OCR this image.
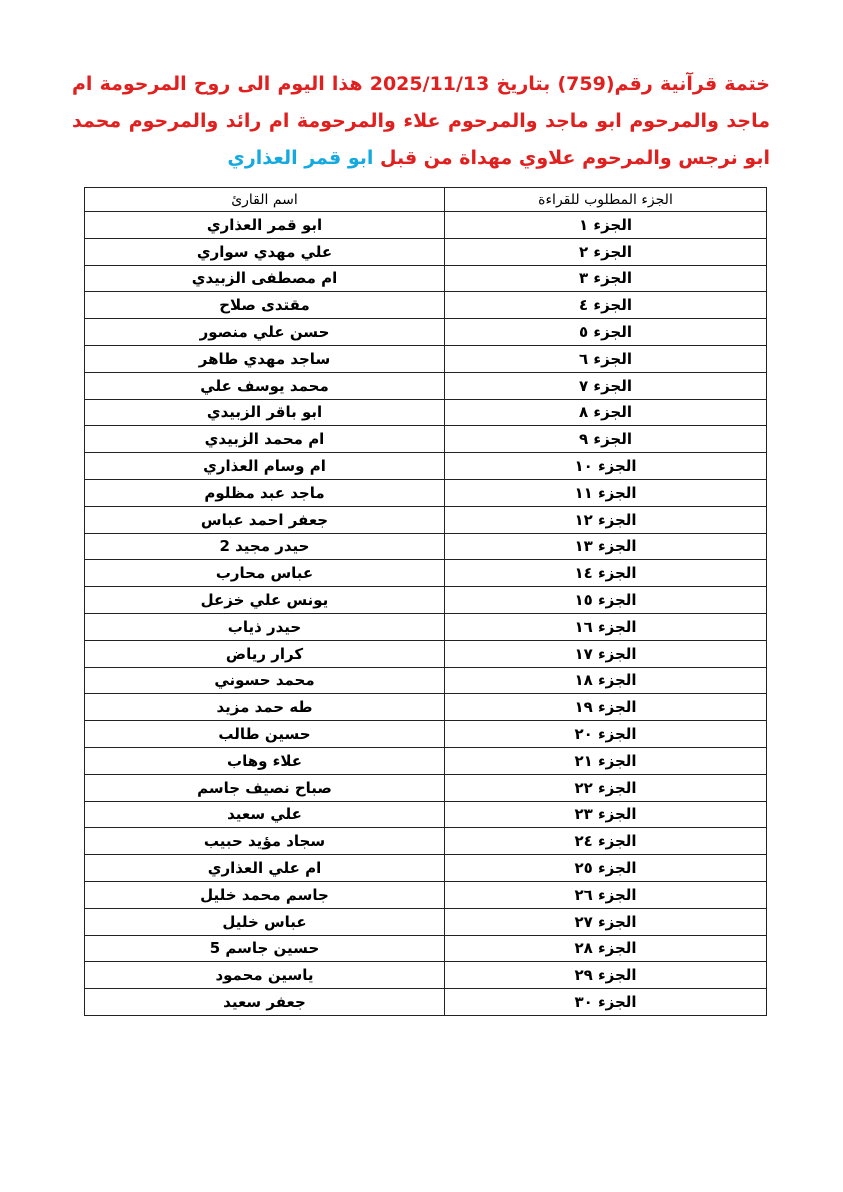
ختمة قرآنية رقم(759) بتاريخ 2025/11/13 هذا اليوم الى روح المرحومة ام ماجد والمرحوم ابو ماجد والمرحوم علاء والمرحومة ام رائد والمرحوم محمد ابو نرجس والمرحوم علاوي مهداة من قبل ابو قمر العذاري
الجزء المطلوب للقراءة	اسم القارئ
الجزء ١	ابو قمر العذاري
الجزء ٢	علي مهدي سواري
الجزء ٣	ام مصطفى الزبيدي
الجزء ٤	مقتدى صلاح
الجزء ٥	حسن علي منصور
الجزء ٦	ساجد مهدي طاهر
الجزء ٧	محمد يوسف علي
الجزء ٨	ابو باقر الزبيدي
الجزء ٩	ام محمد الزبيدي
الجزء ١٠	ام وسام العذاري
الجزء ١١	ماجد عبد مظلوم
الجزء ١٢	جعفر احمد عباس
الجزء ١٣	حيدر مجيد 2
الجزء ١٤	عباس محارب
الجزء ١٥	يونس علي خزعل
الجزء ١٦	حيدر ذياب
الجزء ١٧	كرار رياض
الجزء ١٨	محمد حسوني
الجزء ١٩	طه حمد مزيد
الجزء ٢٠	حسين طالب
الجزء ٢١	علاء وهاب
الجزء ٢٢	صباح نصيف جاسم
الجزء ٢٣	علي سعيد
الجزء ٢٤	سجاد مؤيد حبيب
الجزء ٢٥	ام علي العذاري
الجزء ٢٦	جاسم محمد خليل
الجزء ٢٧	عباس خليل
الجزء ٢٨	حسين جاسم 5
الجزء ٢٩	ياسين محمود
الجزء ٣٠	جعفر سعيد
